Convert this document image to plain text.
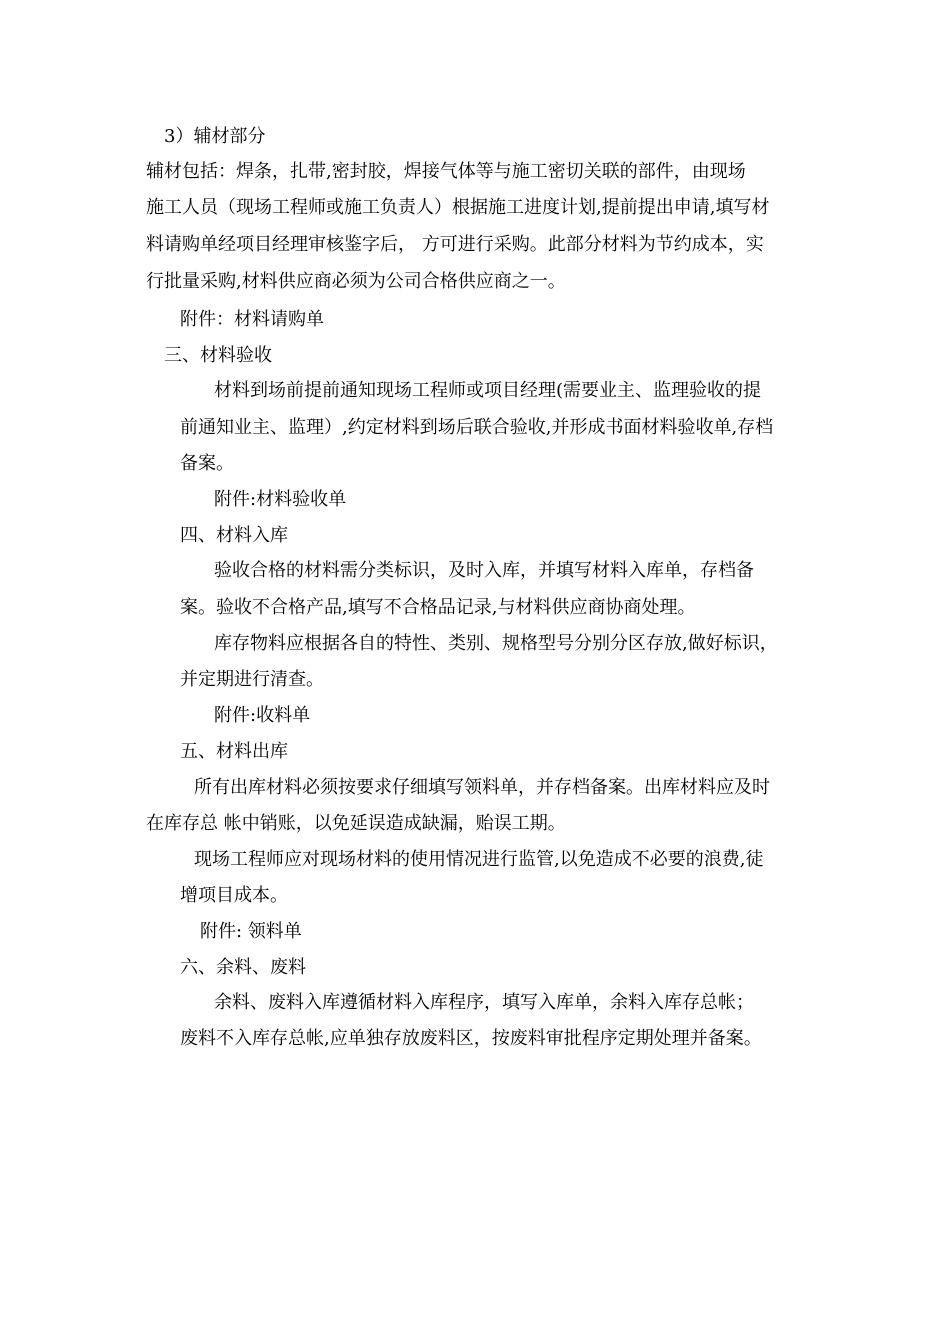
3）辅材部分

辅材包括：焊条，扎带,密封胶，焊接气体等与施工密切关联的部件，由现场

施工人员（现场工程师或施工负责人）根据施工进度计划,提前提出申请,填写材

料请购单经项目经理审核鉴字后， 方可进行采购。此部分材料为节约成本，实

行批量采购,材料供应商必须为公司合格供应商之一。

附件：材料请购单

三、材料验收

材料到场前提前通知现场工程师或项目经理(需要业主、监理验收的提

前通知业主、监理）,约定材料到场后联合验收,并形成书面材料验收单,存档

备案。

附件:材料验收单

四、材料入库

验收合格的材料需分类标识，及时入库，并填写材料入库单，存档备

案。验收不合格产品,填写不合格品记录,与材料供应商协商处理。

库存物料应根据各自的特性、类别、规格型号分别分区存放,做好标识，

并定期进行清查。

附件:收料单

五、材料出库

所有出库材料必须按要求仔细填写领料单，并存档备案。出库材料应及时

在库存总 帐中销账，以免延误造成缺漏，贻误工期。

现场工程师应对现场材料的使用情况进行监管,以免造成不必要的浪费,徒

增项目成本。

附件: 领料单

六、余料、废料

余料、废料入库遵循材料入库程序，填写入库单，余料入库存总帐；

废料不入库存总帐,应单独存放废料区，按废料审批程序定期处理并备案。
